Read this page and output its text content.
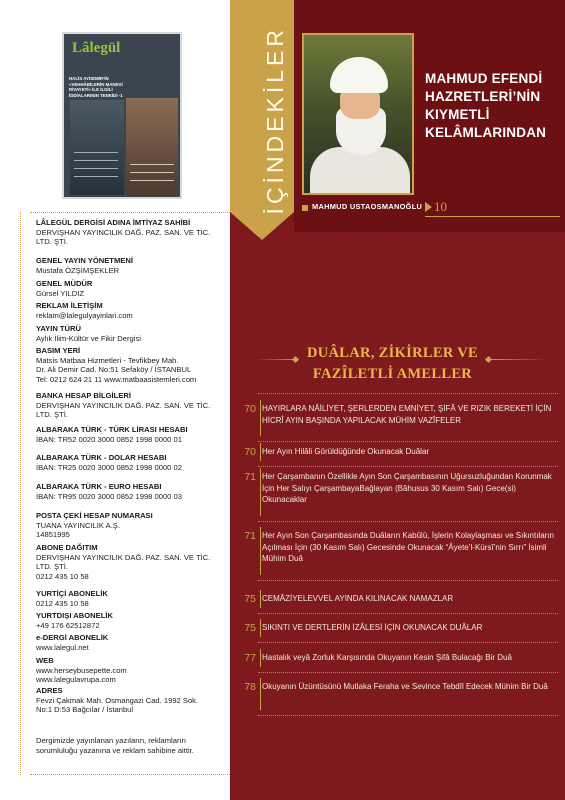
Lâlegül
HALİS AYDEMİR’İN «VEHHÂBİLERİN MANEVİ RİVAYETİ» İLE İLGİLİ İDDİALARININ TENKİDİ -1
LÂLEGÜL DERGİSİ ADINA İMTİYAZ SAHİBİ
DERVİŞHAN YAYINCILIK DAĞ. PAZ. SAN. VE TİC. LTD. ŞTİ.
GENEL YAYIN YÖNETMENİ
Mustafa ÖZŞİMŞEKLER
GENEL MÜDÜR
Gürsel YILDIZ
REKLAM İLETİŞİM
reklam@lalegulyayinlari.com
YAYIN TÜRÜ
Aylık İlim-Kültür ve Fikir Dergisi
BASIM YERİ
Matsis Matbaa Hizmetleri - Tevfikbey Mah.
Dr. Ali Demir Cad. No:51 Sefaköy / İSTANBUL
Tel: 0212 624 21 11 www.matbaasistemleri.com
BANKA HESAP BİLGİLERİ
DERVİŞHAN YAYINCILIK DAĞ. PAZ. SAN. VE TİC. LTD. ŞTİ.
ALBARAKA TÜRK - TÜRK LİRASI HESABI
İBAN: TR52 0020 3000 0852 1998 0000 01
ALBARAKA TÜRK - DOLAR HESABI
İBAN: TR25 0020 3000 0852 1998 0000 02
ALBARAKA TÜRK - EURO HESABI
İBAN: TR95 0020 3000 0852 1998 0000 03
POSTA ÇEKİ HESAP NUMARASI
TUANA YAYINCILIK A.Ş.
14851995
ABONE DAĞITIM
DERVİŞHAN YAYINCILIK DAĞ. PAZ. SAN. VE TİC. LTD. ŞTİ.
0212 435 10 58
YURTİÇİ ABONELİK
0212 435 10 58
YURTDIŞI ABONELİK
+49 176 62512872
e-DERGİ ABONELİK
www.lalegul.net
WEB
www.herseybusepette.com
www.lalegulavrupa.com
ADRES
Fevzi Çakmak Mah. Osmangazi Cad. 1992 Sok.
No:1 D:53 Bağcılar / İstanbul
Dergimizde yayınlanan yazıların, reklamların
sorumluluğu yazanına ve reklam sahibine aittir.
İÇİNDEKİLER	MAHMUD EFENDİ HAZRETLERİ’NİN KIYMETLİ KELÂMLARINDAN
MAHMUD USTAOSMANOĞLU 10
DUÂLAR, ZİKİRLER VE FAZÎLETLİ AMELLER
70 HAYIRLARA NÂİLİYET, ŞERLERDEN EMNİYET, ŞİFÂ VE RIZIK BEREKETİ İÇİN HİCRÎ AYIN BAŞINDA YAPILACAK MÜHİM VAZÎFELER
70 Her Ayın Hilâli Görüldüğünde Okunacak Duâlar
71 Her Çarşambanın Özellikle Ayın Son Çarşambasının Uğursuzluğundan Korunmak İçin Her Salıyı ÇarşambayaBağlayan (Bâhusus 30 Kasım Salı) Gece(si) Okunacaklar
71 Her Ayın Son Çarşambasında Duâların Kabûlü, İşlerin Kolaylaşması ve Sıkıntıların Açılması İçin (30 Kasım Salı) Gecesinde Okunacak “Âyete’l-Kürsî’nin Sırrı” İsimli Mühim Duâ
75 CEMÂZİYELEVVEL AYINDA KILINACAK NAMAZLAR
75 SIKINTI VE DERTLERİN İZÂLESİ İÇİN OKUNACAK DUÂLAR
77 Hastalık veyâ Zorluk Karşısında Okuyanın Kesin Şifâ Bulacağı Bir Duâ
78 Okuyanın Üzüntüsünü Mutlaka Feraha ve Sevince Tebdîl Edecek Mühim Bir Duâ
